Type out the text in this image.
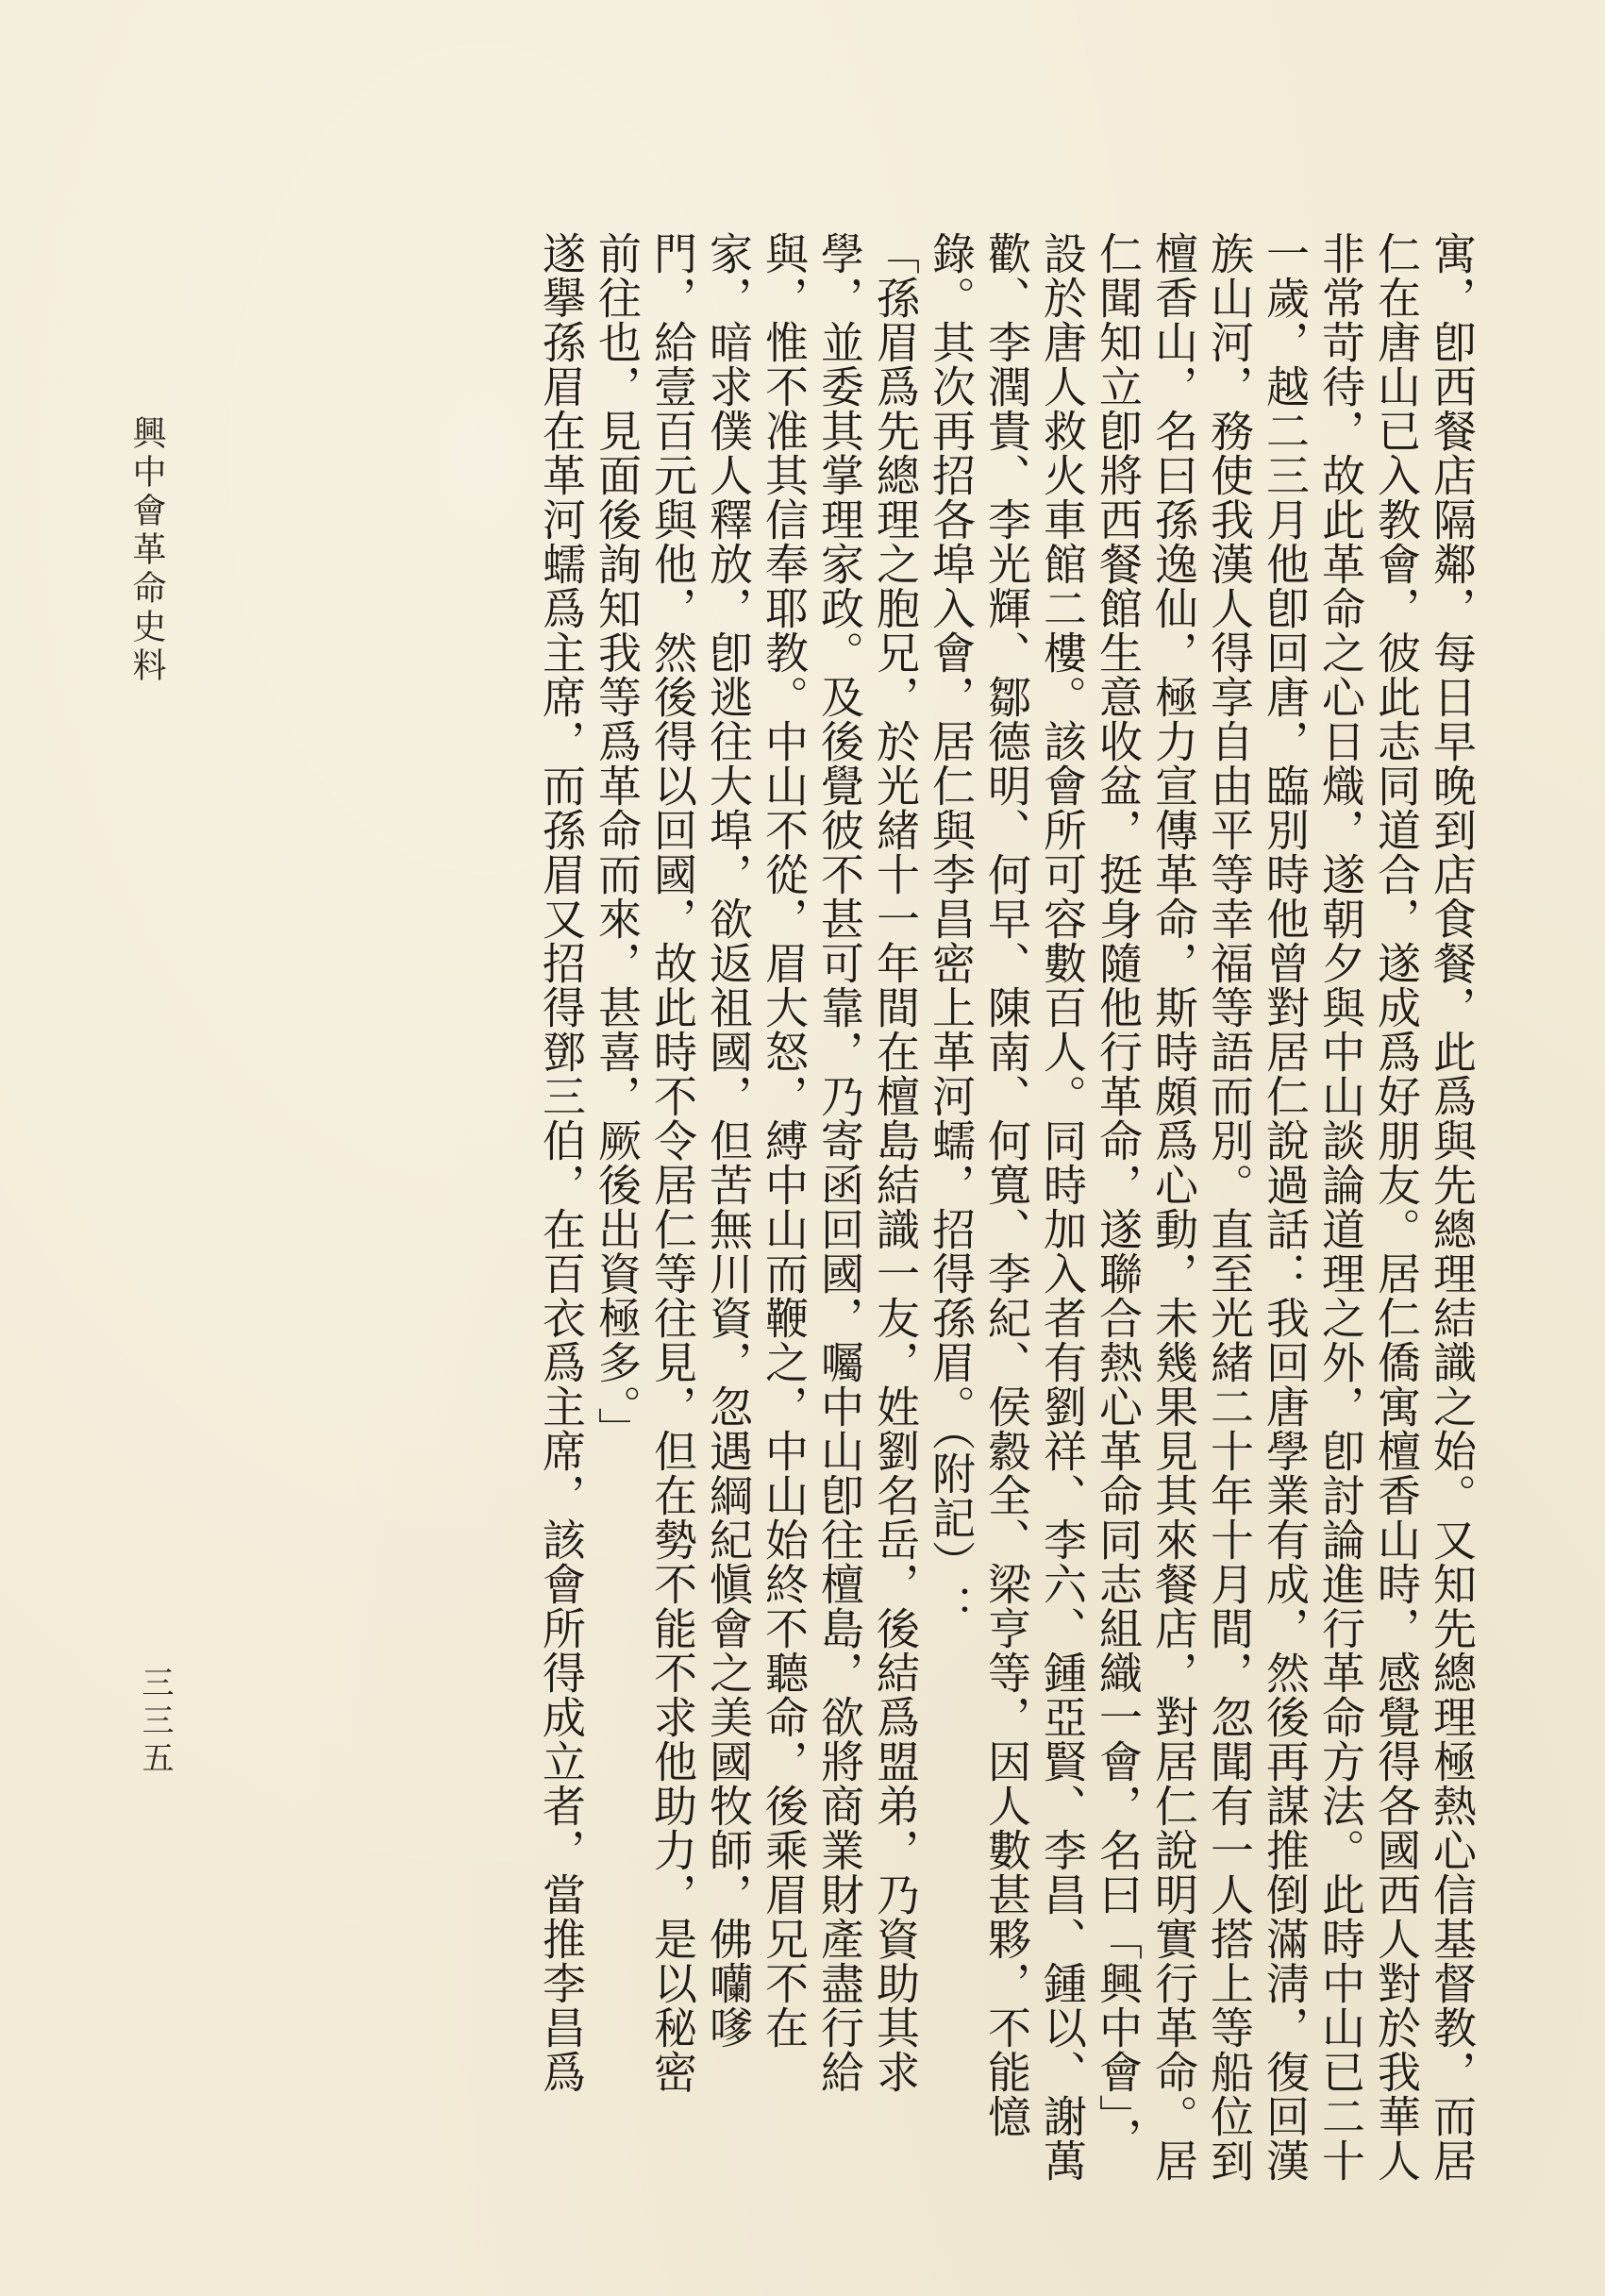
寓，卽西餐店隔鄰，每日早晚到店食餐，此爲與先總理結識之始。又知先總理極熱心信基督教，而居

仁在唐山已入教會，彼此志同道合，遂成爲好朋友。居仁僑寓檀香山時，感覺得各國西人對於我華人

非常苛待，故此革命之心日熾，遂朝夕與中山談論道理之外，卽討論進行革命方法。此時中山已二十

一歲，越二三月他卽回唐，臨別時他曾對居仁說過話：我回唐學業有成，然後再謀推倒滿淸，復回漢

族山河，務使我漢人得享自由平等幸福等語而別。直至光緒二十年十月間，忽聞有一人搭上等船位到

檀香山，名曰孫逸仙，極力宣傳革命，斯時頗爲心動，未幾果見其來餐店，對居仁說明實行革命。居

仁聞知立卽將西餐館生意收盆，挺身隨他行革命，遂聯合熱心革命同志組織一會，名曰「興中會」，

設於唐人救火車館二樓。該會所可容數百人。同時加入者有劉祥、李六、鍾亞賢、李昌、鍾以、謝萬

歡、李潤貴、李光輝、鄒德明、何早、陳南、何寬、李紀、侯縠全、梁亨等，因人數甚夥，不能憶

錄。其次再招各埠入會，居仁與李昌密上革河蠕，招得孫眉。（附記）：

「孫眉爲先總理之胞兄，於光緒十一年間在檀島結識一友，姓劉名岳，後結爲盟弟，乃資助其求

學，並委其掌理家政。及後覺彼不甚可靠，乃寄函回國，囑中山卽往檀島，欲將商業財產盡行給

與，惟不准其信奉耶教。中山不從，眉大怒，縛中山而鞭之，中山始終不聽命，後乘眉兄不在

家，暗求僕人釋放，卽逃往大埠，欲返祖國，但苦無川資，忽遇綱紀愼會之美國牧師，佛囒嗲

門，給壹百元與他，然後得以回國，故此時不令居仁等往見，但在勢不能不求他助力，是以秘密

前往也，見面後詢知我等爲革命而來，甚喜，厥後出資極多。」

遂擧孫眉在革河蠕爲主席，而孫眉又招得鄧三伯，在百衣爲主席，該會所得成立者，當推李昌爲

興中會革命史料
三三五
